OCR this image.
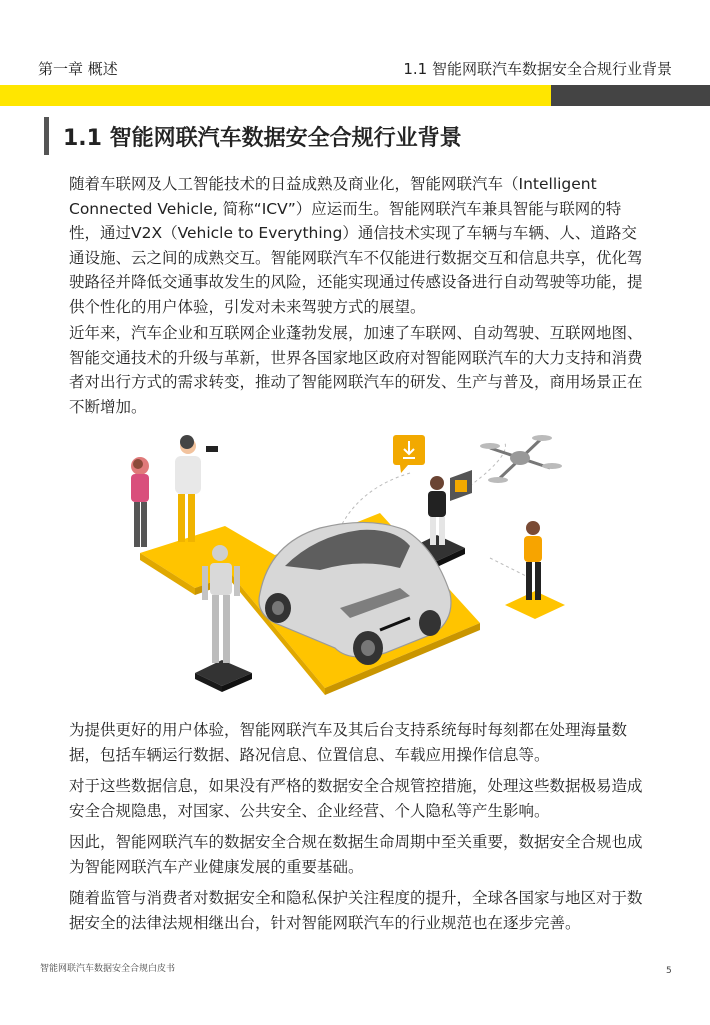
第一章 概述	1.1 智能网联汽车数据安全合规行业背景
1.1 智能网联汽车数据安全合规行业背景

随着车联网及人工智能技术的日益成熟及商业化，智能网联汽车（Intelligent Connected Vehicle, 简称“ICV”）应运而生。智能网联汽车兼具智能与联网的特性，通过V2X（Vehicle to Everything）通信技术实现了车辆与车辆、人、道路交通设施、云之间的成熟交互。智能网联汽车不仅能进行数据交互和信息共享，优化驾驶路径并降低交通事故发生的风险，还能实现通过传感设备进行自动驾驶等功能，提供个性化的用户体验，引发对未来驾驶方式的展望。

近年来，汽车企业和互联网企业蓬勃发展，加速了车联网、自动驾驶、互联网地图、智能交通技术的升级与革新，世界各国家地区政府对智能网联汽车的大力支持和消费者对出行方式的需求转变，推动了智能网联汽车的研发、生产与普及，商用场景正在不断增加。

为提供更好的用户体验，智能网联汽车及其后台支持系统每时每刻都在处理海量数据，包括车辆运行数据、路况信息、位置信息、车载应用操作信息等。

对于这些数据信息，如果没有严格的数据安全合规管控措施，处理这些数据极易造成安全合规隐患，对国家、公共安全、企业经营、个人隐私等产生影响。

因此，智能网联汽车的数据安全合规在数据生命周期中至关重要，数据安全合规也成为智能网联汽车产业健康发展的重要基础。

随着监管与消费者对数据安全和隐私保护关注程度的提升，全球各国家与地区对于数据安全的法律法规相继出台，针对智能网联汽车的行业规范也在逐步完善。

智能网联汽车数据安全合规白皮书	5
